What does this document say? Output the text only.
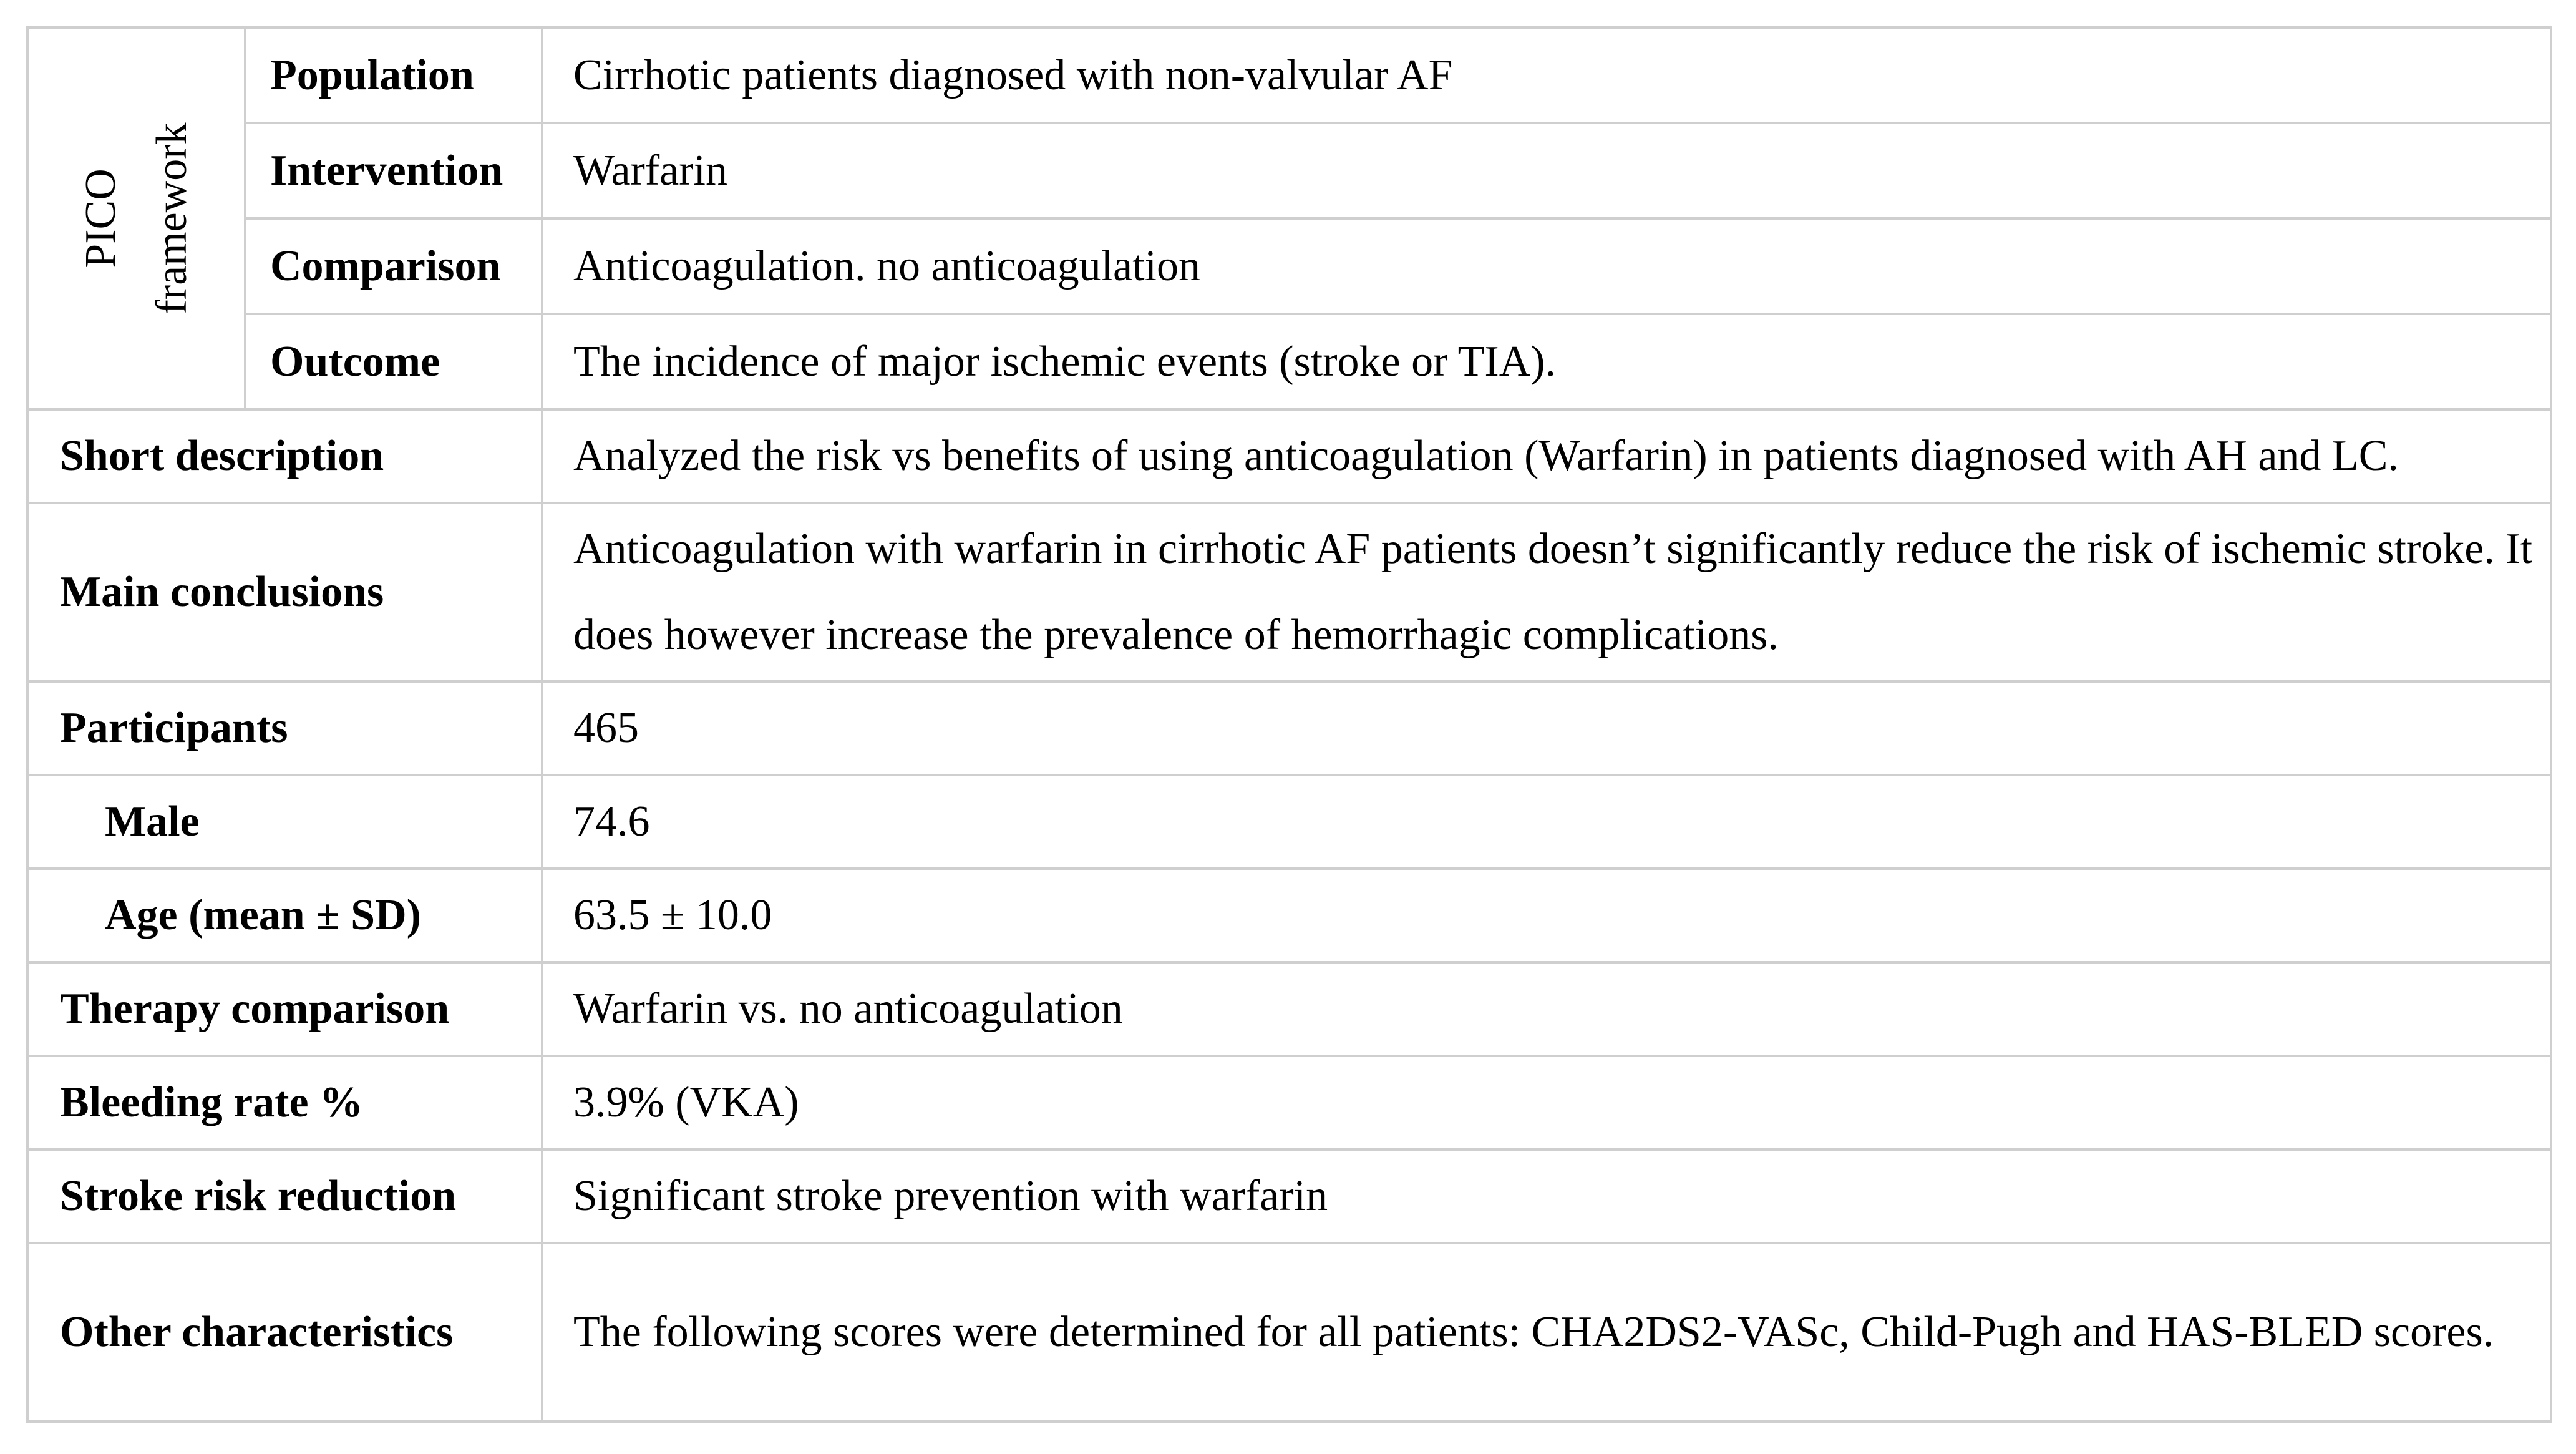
PICO framework	Population	Cirrhotic patients diagnosed with non-valvular AF
	Intervention	Warfarin
	Comparison	Anticoagulation. no anticoagulation
	Outcome	The incidence of major ischemic events (stroke or TIA).
Short description		Analyzed the risk vs benefits of using anticoagulation (Warfarin) in patients diagnosed with AH and LC.
Main conclusions		Anticoagulation with warfarin in cirrhotic AF patients doesn’t significantly reduce the risk of ischemic stroke. It does however increase the prevalence of hemorrhagic complications.
Participants		465
Male		74.6
Age (mean ± SD)		63.5 ± 10.0
Therapy comparison		Warfarin vs. no anticoagulation
Bleeding rate %		3.9% (VKA)
Stroke risk reduction		Significant stroke prevention with warfarin
Other characteristics		The following scores were determined for all patients: CHA2DS2-VASc, Child-Pugh and HAS-BLED scores.
